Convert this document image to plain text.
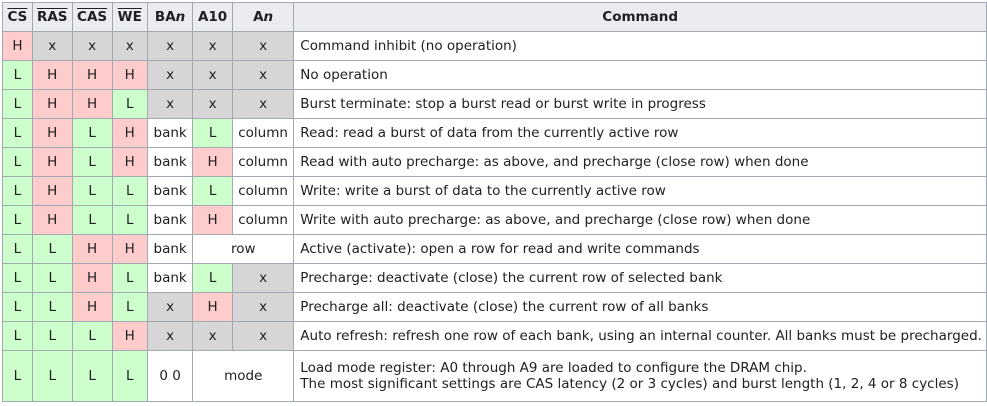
$\overline{CS}$	$\overline{RAS}$	$\overline{CAS}$	$\overline{WE}$	BAn	A10	An	Command
H	x	x	x	x	x	x	Command inhibit (no operation)
L	H	H	H	x	x	x	No operation
L	H	H	L	x	x	x	Burst terminate: stop a burst read or burst write in progress
L	H	L	H	bank	L	column	Read: read a burst of data from the currently active row
L	H	L	H	bank	H	column	Read with auto precharge: as above, and precharge (close row) when done
L	H	L	L	bank	L	column	Write: write a burst of data to the currently active row
L	H	L	L	bank	H	column	Write with auto precharge: as above, and precharge (close row) when done
L	L	H	H	bank	row		Active (activate): open a row for read and write commands
L	L	H	L	bank	L	x	Precharge: deactivate (close) the current row of selected bank
L	L	H	L	x	H	x	Precharge all: deactivate (close) the current row of all banks
L	L	L	H	x	x	x	Auto refresh: refresh one row of each bank, using an internal counter. All banks must be precharged.
L	L	L	L	0 0	mode		Load mode register: A0 through A9 are loaded to configure the DRAM chip.
The most significant settings are CAS latency (2 or 3 cycles) and burst length (1, 2, 4 or 8 cycles)
